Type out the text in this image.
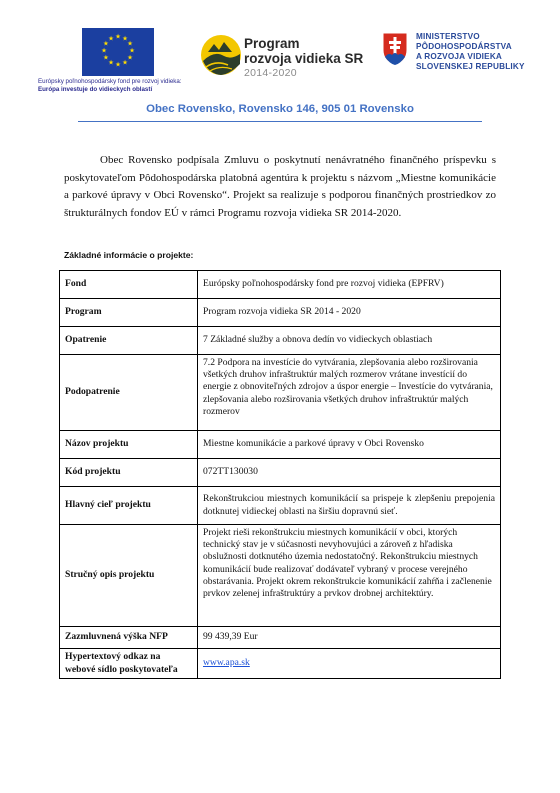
★ ★
★
★
★
★
★
★
★
★
★
★
Európsky poľnohospodársky fond pre rozvoj vidieka:
Európa investuje do vidieckych oblastí
Program
rozvoja vidieka SR
2014-2020
MINISTERSTVO
PÔDOHOSPODÁRSTVA
A ROZVOJA VIDIEKA
SLOVENSKEJ REPUBLIKY
Obec Rovensko, Rovensko 146, 905 01 Rovensko

Obec Rovensko podpísala Zmluvu o poskytnutí nenávratného finančného príspevku s poskytovateľom Pôdohospodárska platobná agentúra k projektu s názvom „Miestne komunikácie a parkové úpravy v Obci Rovensko“. Projekt sa realizuje s podporou finančných prostriedkov zo štrukturálnych fondov EÚ v rámci Programu rozvoja vidieka SR 2014-2020.

Základné informácie o projekte:
Fond	Európsky poľnohospodársky fond pre rozvoj vidieka (EPFRV)
Program	Program rozvoja vidieka SR 2014 - 2020
Opatrenie	7 Základné služby a obnova dedín vo vidieckych oblastiach
Podopatrenie	7.2 Podpora na investície do vytvárania, zlepšovania alebo rozširovania všetkých druhov infraštruktúr malých rozmerov vrátane investícií do energie z obnoviteľných zdrojov a úspor energie – Investície do vytvárania, zlepšovania alebo rozširovania všetkých druhov infraštruktúr malých rozmerov
Názov projektu	Miestne komunikácie a parkové úpravy v Obci Rovensko
Kód projektu	072TT130030
Hlavný cieľ projektu	Rekonštrukciou miestnych komunikácií sa prispeje k zlepšeniu prepojenia dotknutej vidieckej oblasti na širšiu dopravnú sieť.
Stručný opis projektu	Projekt rieši rekonštrukciu miestnych komunikácií v obci, ktorých technický stav je v súčasnosti nevyhovujúci a zároveň z hľadiska obslužnosti dotknutého územia nedostatočný. Rekonštrukciu miestnych komunikácií bude realizovať dodávateľ vybraný v procese verejného obstarávania. Projekt okrem rekonštrukcie komunikácií zahŕňa i začlenenie prvkov zelenej infraštruktúry a prvkov drobnej architektúry.
Zazmluvnená výška NFP	99 439,39 Eur
Hypertextový odkaz na webové sídlo poskytovateľa	www.apa.sk
